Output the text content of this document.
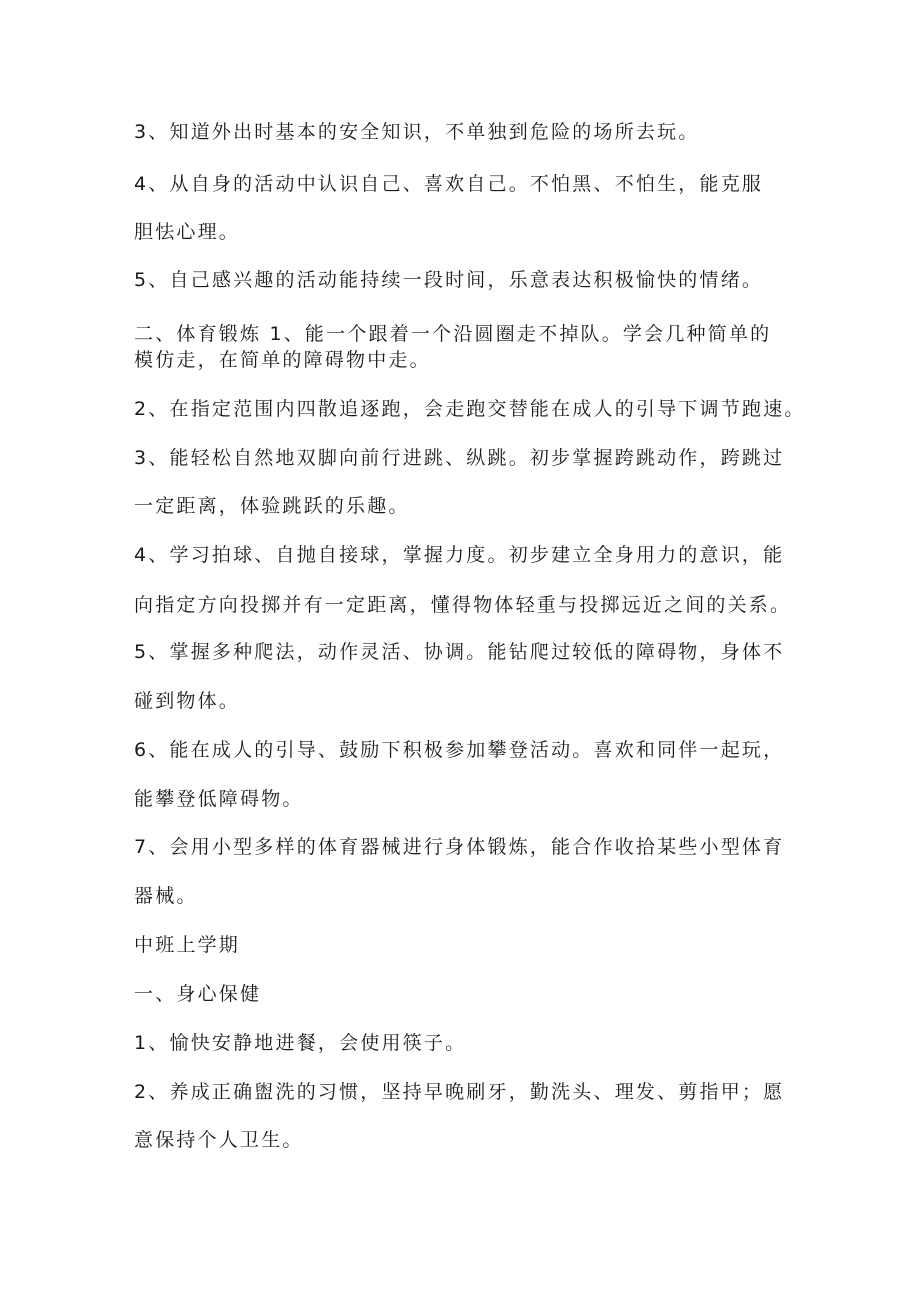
3、知道外出时基本的安全知识，不单独到危险的场所去玩。
4、从自身的活动中认识自己、喜欢自己。不怕黑、不怕生，能克服
胆怯心理。
5、自己感兴趣的活动能持续一段时间，乐意表达积极愉快的情绪。
二、体育锻炼 1、能一个跟着一个沿圆圈走不掉队。学会几种简单的
模仿走，在简单的障碍物中走。
2、在指定范围内四散追逐跑，会走跑交替能在成人的引导下调节跑速。
3、能轻松自然地双脚向前行进跳、纵跳。初步掌握跨跳动作，跨跳过
一定距离，体验跳跃的乐趣。
4、学习拍球、自抛自接球，掌握力度。初步建立全身用力的意识，能
向指定方向投掷并有一定距离，懂得物体轻重与投掷远近之间的关系。
5、掌握多种爬法，动作灵活、协调。能钻爬过较低的障碍物，身体不
碰到物体。
6、能在成人的引导、鼓励下积极参加攀登活动。喜欢和同伴一起玩，
能攀登低障碍物。
7、会用小型多样的体育器械进行身体锻炼，能合作收拾某些小型体育
器械。
中班上学期
一、身心保健
1、愉快安静地进餐，会使用筷子。
2、养成正确盥洗的习惯，坚持早晚刷牙，勤洗头、理发、剪指甲；愿
意保持个人卫生。
